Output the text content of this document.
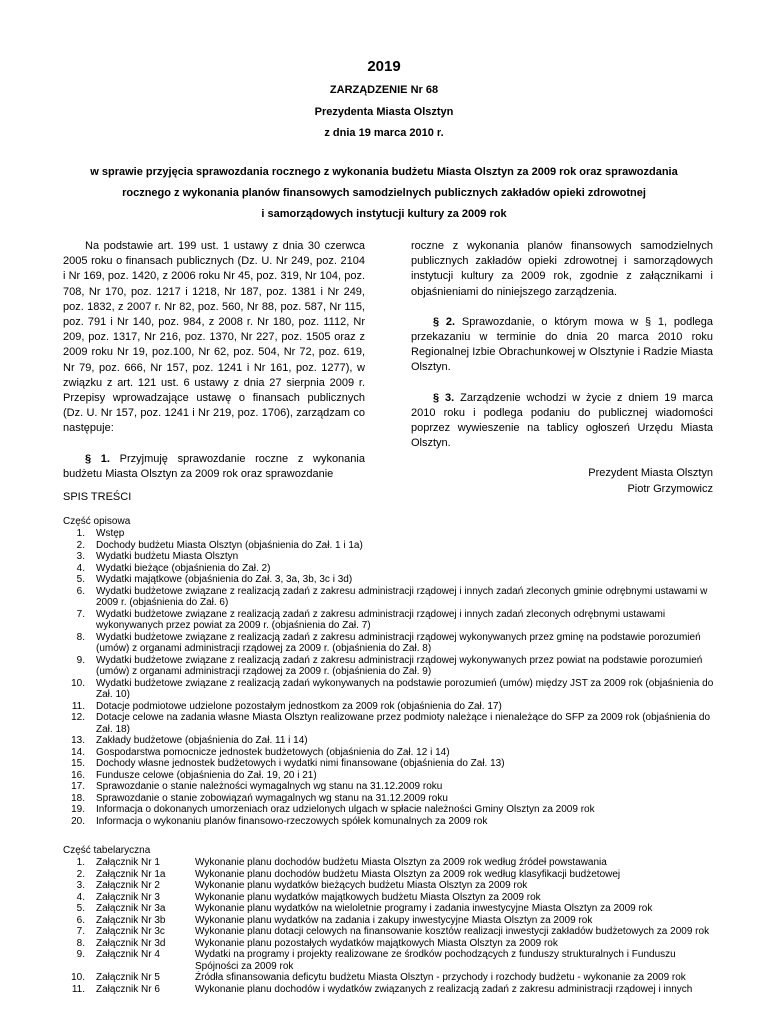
2019
ZARZĄDZENIE Nr 68
Prezydenta Miasta Olsztyn
z dnia 19 marca 2010 r.
w sprawie przyjęcia sprawozdania rocznego z wykonania budżetu Miasta Olsztyn za 2009 rok oraz sprawozdania
rocznego z wykonania planów finansowych samodzielnych publicznych zakładów opieki zdrowotnej
i samorządowych instytucji kultury za 2009 rok

Na podstawie art. 199 ust. 1 ustawy z dnia 30 czerwca 2005 roku o finansach publicznych (Dz. U. Nr 249, poz. 2104 i Nr 169, poz. 1420, z 2006 roku Nr 45, poz. 319, Nr 104, poz. 708, Nr 170, poz. 1217 i 1218, Nr 187, poz. 1381 i Nr 249, poz. 1832, z 2007 r. Nr 82, poz. 560, Nr 88, poz. 587, Nr 115, poz. 791 i Nr 140, poz. 984, z 2008 r. Nr 180, poz. 1112, Nr 209, poz. 1317, Nr 216, poz. 1370, Nr 227, poz. 1505 oraz z 2009 roku Nr 19, poz.100, Nr 62, poz. 504, Nr 72, poz. 619, Nr 79, poz. 666, Nr 157, poz. 1241 i Nr 161, poz. 1277), w związku z art. 121 ust. 6 ustawy z dnia 27 sierpnia 2009 r. Przepisy wprowadzające ustawę o finansach publicznych (Dz. U. Nr 157, poz. 1241 i Nr 219, poz. 1706), zarządzam co następuje:

§ 1. Przyjmuję sprawozdanie roczne z wykonania budżetu Miasta Olsztyn za 2009 rok oraz sprawozdanie

roczne z wykonania planów finansowych samodzielnych publicznych zakładów opieki zdrowotnej i samorządowych instytucji kultury za 2009 rok, zgodnie z załącznikami i objaśnieniami do niniejszego zarządzenia.

§ 2. Sprawozdanie, o którym mowa w § 1, podlega przekazaniu w terminie do dnia 20 marca 2010 roku Regionalnej Izbie Obrachunkowej w Olsztynie i Radzie Miasta Olsztyn.

§ 3. Zarządzenie wchodzi w życie z dniem 19 marca 2010 roku i podlega podaniu do publicznej wiadomości poprzez wywieszenie na tablicy ogłoszeń Urzędu Miasta Olsztyn.

Prezydent Miasta Olsztyn

Piotr Grzymowicz

SPIS TREŚCI
Część opisowa
1. Wstęp
2. Dochody budżetu Miasta Olsztyn (objaśnienia do Zał. 1 i 1a)
3. Wydatki budżetu Miasta Olsztyn
4. Wydatki bieżące (objaśnienia do Zał. 2)
5. Wydatki majątkowe (objaśnienia do Zał. 3, 3a, 3b, 3c i 3d)
6. Wydatki budżetowe związane z realizacją zadań z zakresu administracji rządowej i innych zadań zleconych gminie odrębnymi ustawami w 2009 r. (objaśnienia do Zał. 6)
7. Wydatki budżetowe związane z realizacją zadań z zakresu administracji rządowej i innych zadań zleconych odrębnymi ustawami wykonywanych przez powiat za 2009 r. (objaśnienia do Zał. 7)
8. Wydatki budżetowe związane z realizacją zadań z zakresu administracji rządowej wykonywanych przez gminę na podstawie porozumień (umów) z organami administracji rządowej za 2009 r. (objaśnienia do Zał. 8)
9. Wydatki budżetowe związane z realizacją zadań z zakresu administracji rządowej wykonywanych przez powiat na podstawie porozumień (umów) z organami administracji rządowej za 2009 r. (objaśnienia do Zał. 9)
10. Wydatki budżetowe związane z realizacją zadań wykonywanych na podstawie porozumień (umów) między JST za 2009 rok (objaśnienia do Zał. 10)
11. Dotacje podmiotowe udzielone pozostałym jednostkom za 2009 rok (objaśnienia do Zał. 17)
12. Dotacje celowe na zadania własne Miasta Olsztyn realizowane przez podmioty należące i nienależące do SFP za 2009 rok (objaśnienia do Zał. 18)
13. Zakłady budżetowe (objaśnienia do Zał. 11 i 14)
14. Gospodarstwa pomocnicze jednostek budżetowych (objaśnienia do Zał. 12 i 14)
15. Dochody własne jednostek budżetowych i wydatki nimi finansowane (objaśnienia do Zał. 13)
16. Fundusze celowe (objaśnienia do Zał. 19, 20 i 21)
17. Sprawozdanie o stanie należności wymagalnych wg stanu na 31.12.2009 roku
18. Sprawozdanie o stanie zobowiązań wymagalnych wg stanu na 31.12.2009 roku
19. Informacja o dokonanych umorzeniach oraz udzielonych ulgach w spłacie należności Gminy Olsztyn za 2009 rok
20. Informacja o wykonaniu planów finansowo-rzeczowych spółek komunalnych za 2009 rok
Część tabelaryczna
1. Załącznik Nr 1	Wykonanie planu dochodów budżetu Miasta Olsztyn za 2009 rok według źródeł powstawania
2. Załącznik Nr 1a	Wykonanie planu dochodów budżetu Miasta Olsztyn za 2009 rok według klasyfikacji budżetowej
3. Załącznik Nr 2	Wykonanie planu wydatków bieżących budżetu Miasta Olsztyn za 2009 rok
4. Załącznik Nr 3	Wykonanie planu wydatków majątkowych budżetu Miasta Olsztyn za 2009 rok
5. Załącznik Nr 3a	Wykonanie planu wydatków na wieloletnie programy i zadania inwestycyjne Miasta Olsztyn za 2009 rok
6. Załącznik Nr 3b	Wykonanie planu wydatków na zadania i zakupy inwestycyjne Miasta Olsztyn za 2009 rok
7. Załącznik Nr 3c	Wykonanie planu dotacji celowych na finansowanie kosztów realizacji inwestycji zakładów budżetowych za 2009 rok
8. Załącznik Nr 3d	Wykonanie planu pozostałych wydatków majątkowych Miasta Olsztyn za 2009 rok
9. Załącznik Nr 4	Wydatki na programy i projekty realizowane ze środków pochodzących z funduszy strukturalnych i Funduszu Spójności za 2009 rok
10. Załącznik Nr 5	Źródła sfinansowania deficytu budżetu Miasta Olsztyn - przychody i rozchody budżetu - wykonanie za 2009 rok
11. Załącznik Nr 6	Wykonanie planu dochodów i wydatków związanych z realizacją zadań z zakresu administracji rządowej i innych
